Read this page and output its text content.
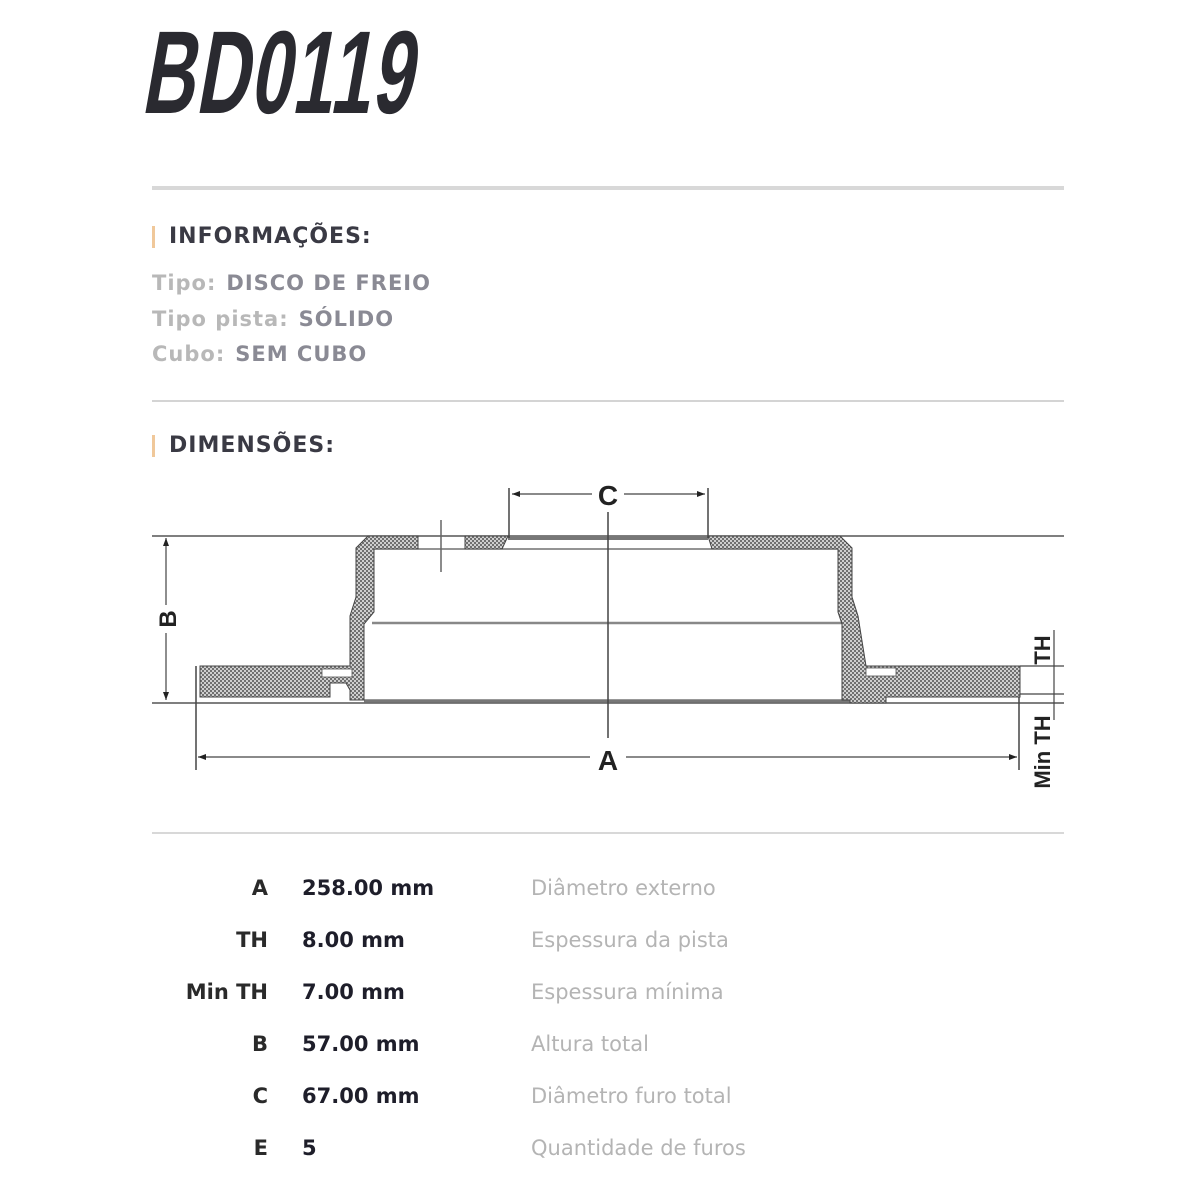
BD0119
INFORMAÇÕES:
Tipo: DISCO DE FREIO
Tipo pista: SÓLIDO
Cubo: SEM CUBO
DIMENSÕES:
C
B
A
TH
Min TH
A 258.00 mm	Diâmetro externo
TH 8.00 mm	Espessura da pista
Min TH 7.00 mm	Espessura mínima
B 57.00 mm	Altura total
C 67.00 mm	Diâmetro furo total
E 5	Quantidade de furos
